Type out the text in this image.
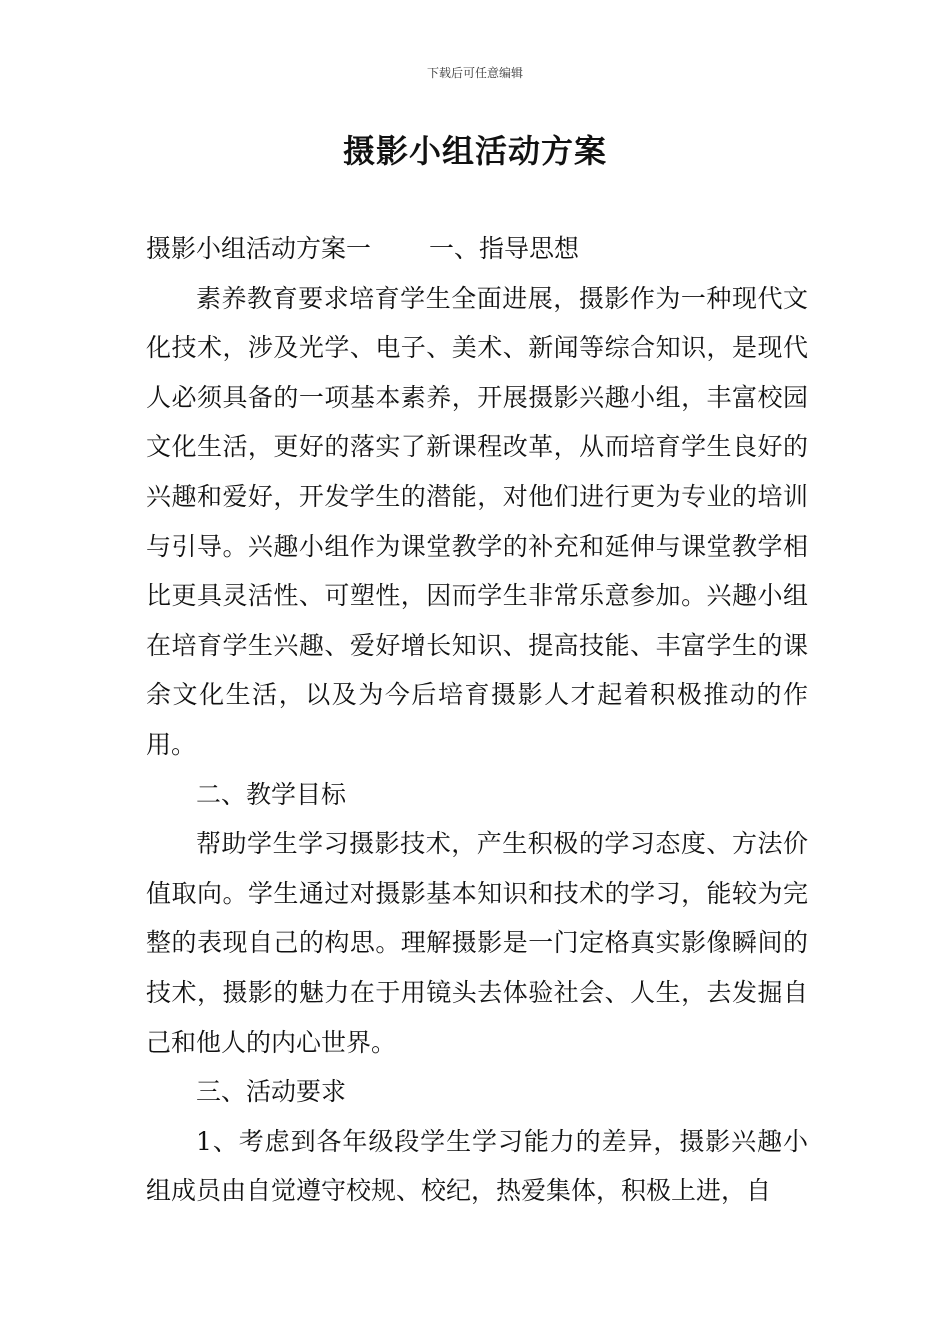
下载后可任意编辑
摄影小组活动方案

摄影小组活动方案一 一、指导思想

素养教育要求培育学生全面进展，摄影作为一种现代文化技术，涉及光学、电子、美术、新闻等综合知识，是现代人必须具备的一项基本素养，开展摄影兴趣小组，丰富校园文化生活，更好的落实了新课程改革，从而培育学生良好的兴趣和爱好，开发学生的潜能，对他们进行更为专业的培训与引导。兴趣小组作为课堂教学的补充和延伸与课堂教学相比更具灵活性、可塑性，因而学生非常乐意参加。兴趣小组在培育学生兴趣、爱好增长知识、提高技能、丰富学生的课余文化生活，以及为今后培育摄影人才起着积极推动的作用。

二、教学目标

帮助学生学习摄影技术，产生积极的学习态度、方法价值取向。学生通过对摄影基本知识和技术的学习，能较为完整的表现自己的构思。理解摄影是一门定格真实影像瞬间的技术，摄影的魅力在于用镜头去体验社会、人生，去发掘自己和他人的内心世界。

三、活动要求

1、考虑到各年级段学生学习能力的差异，摄影兴趣小组成员由自觉遵守校规、校纪，热爱集体，积极上进，自
